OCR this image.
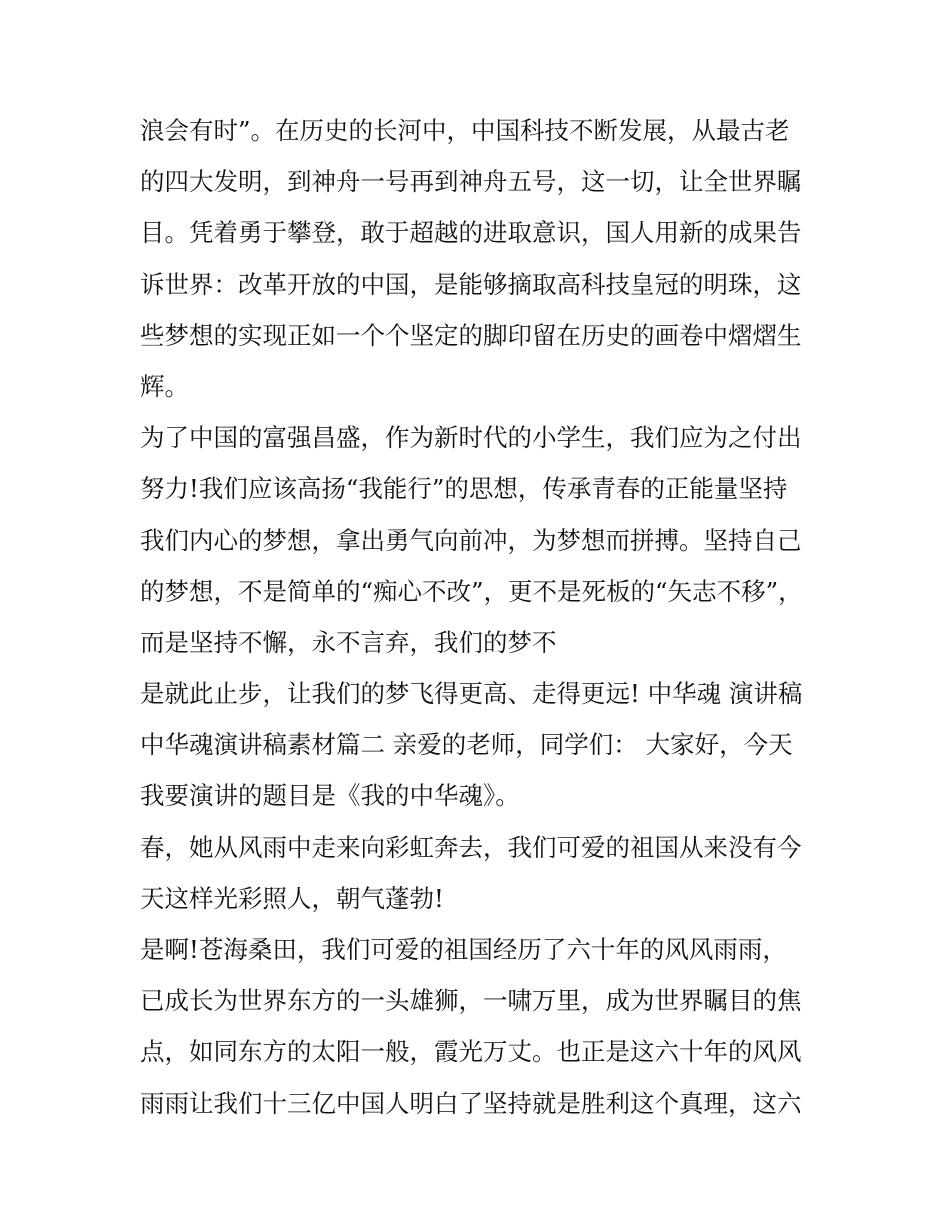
浪会有时”。在历史的长河中，中国科技不断发展，从最古老
的四大发明，到神舟一号再到神舟五号，这一切，让全世界瞩
目。凭着勇于攀登，敢于超越的进取意识，国人用新的成果告
诉世界：改革开放的中国，是能够摘取高科技皇冠的明珠，这
些梦想的实现正如一个个坚定的脚印留在历史的画卷中熠熠生
辉。
为了中国的富强昌盛，作为新时代的小学生，我们应为之付出
努力!我们应该高扬“我能行”的思想，传承青春的正能量坚持
我们内心的梦想，拿出勇气向前冲，为梦想而拼搏。坚持自己
的梦想，不是简单的“痴心不改”，更不是死板的“矢志不移”，
而是坚持不懈，永不言弃，我们的梦不
是就此止步，让我们的梦飞得更高、走得更远! 中华魂 演讲稿
中华魂演讲稿素材篇二 亲爱的老师，同学们： 大家好，今天
我要演讲的题目是《我的中华魂》。
春，她从风雨中走来向彩虹奔去，我们可爱的祖国从来没有今
天这样光彩照人，朝气蓬勃!
是啊!苍海桑田，我们可爱的祖国经历了六十年的风风雨雨，
已成长为世界东方的一头雄狮，一啸万里，成为世界瞩目的焦
点，如同东方的太阳一般，霞光万丈。也正是这六十年的风风
雨雨让我们十三亿中国人明白了坚持就是胜利这个真理，这六
